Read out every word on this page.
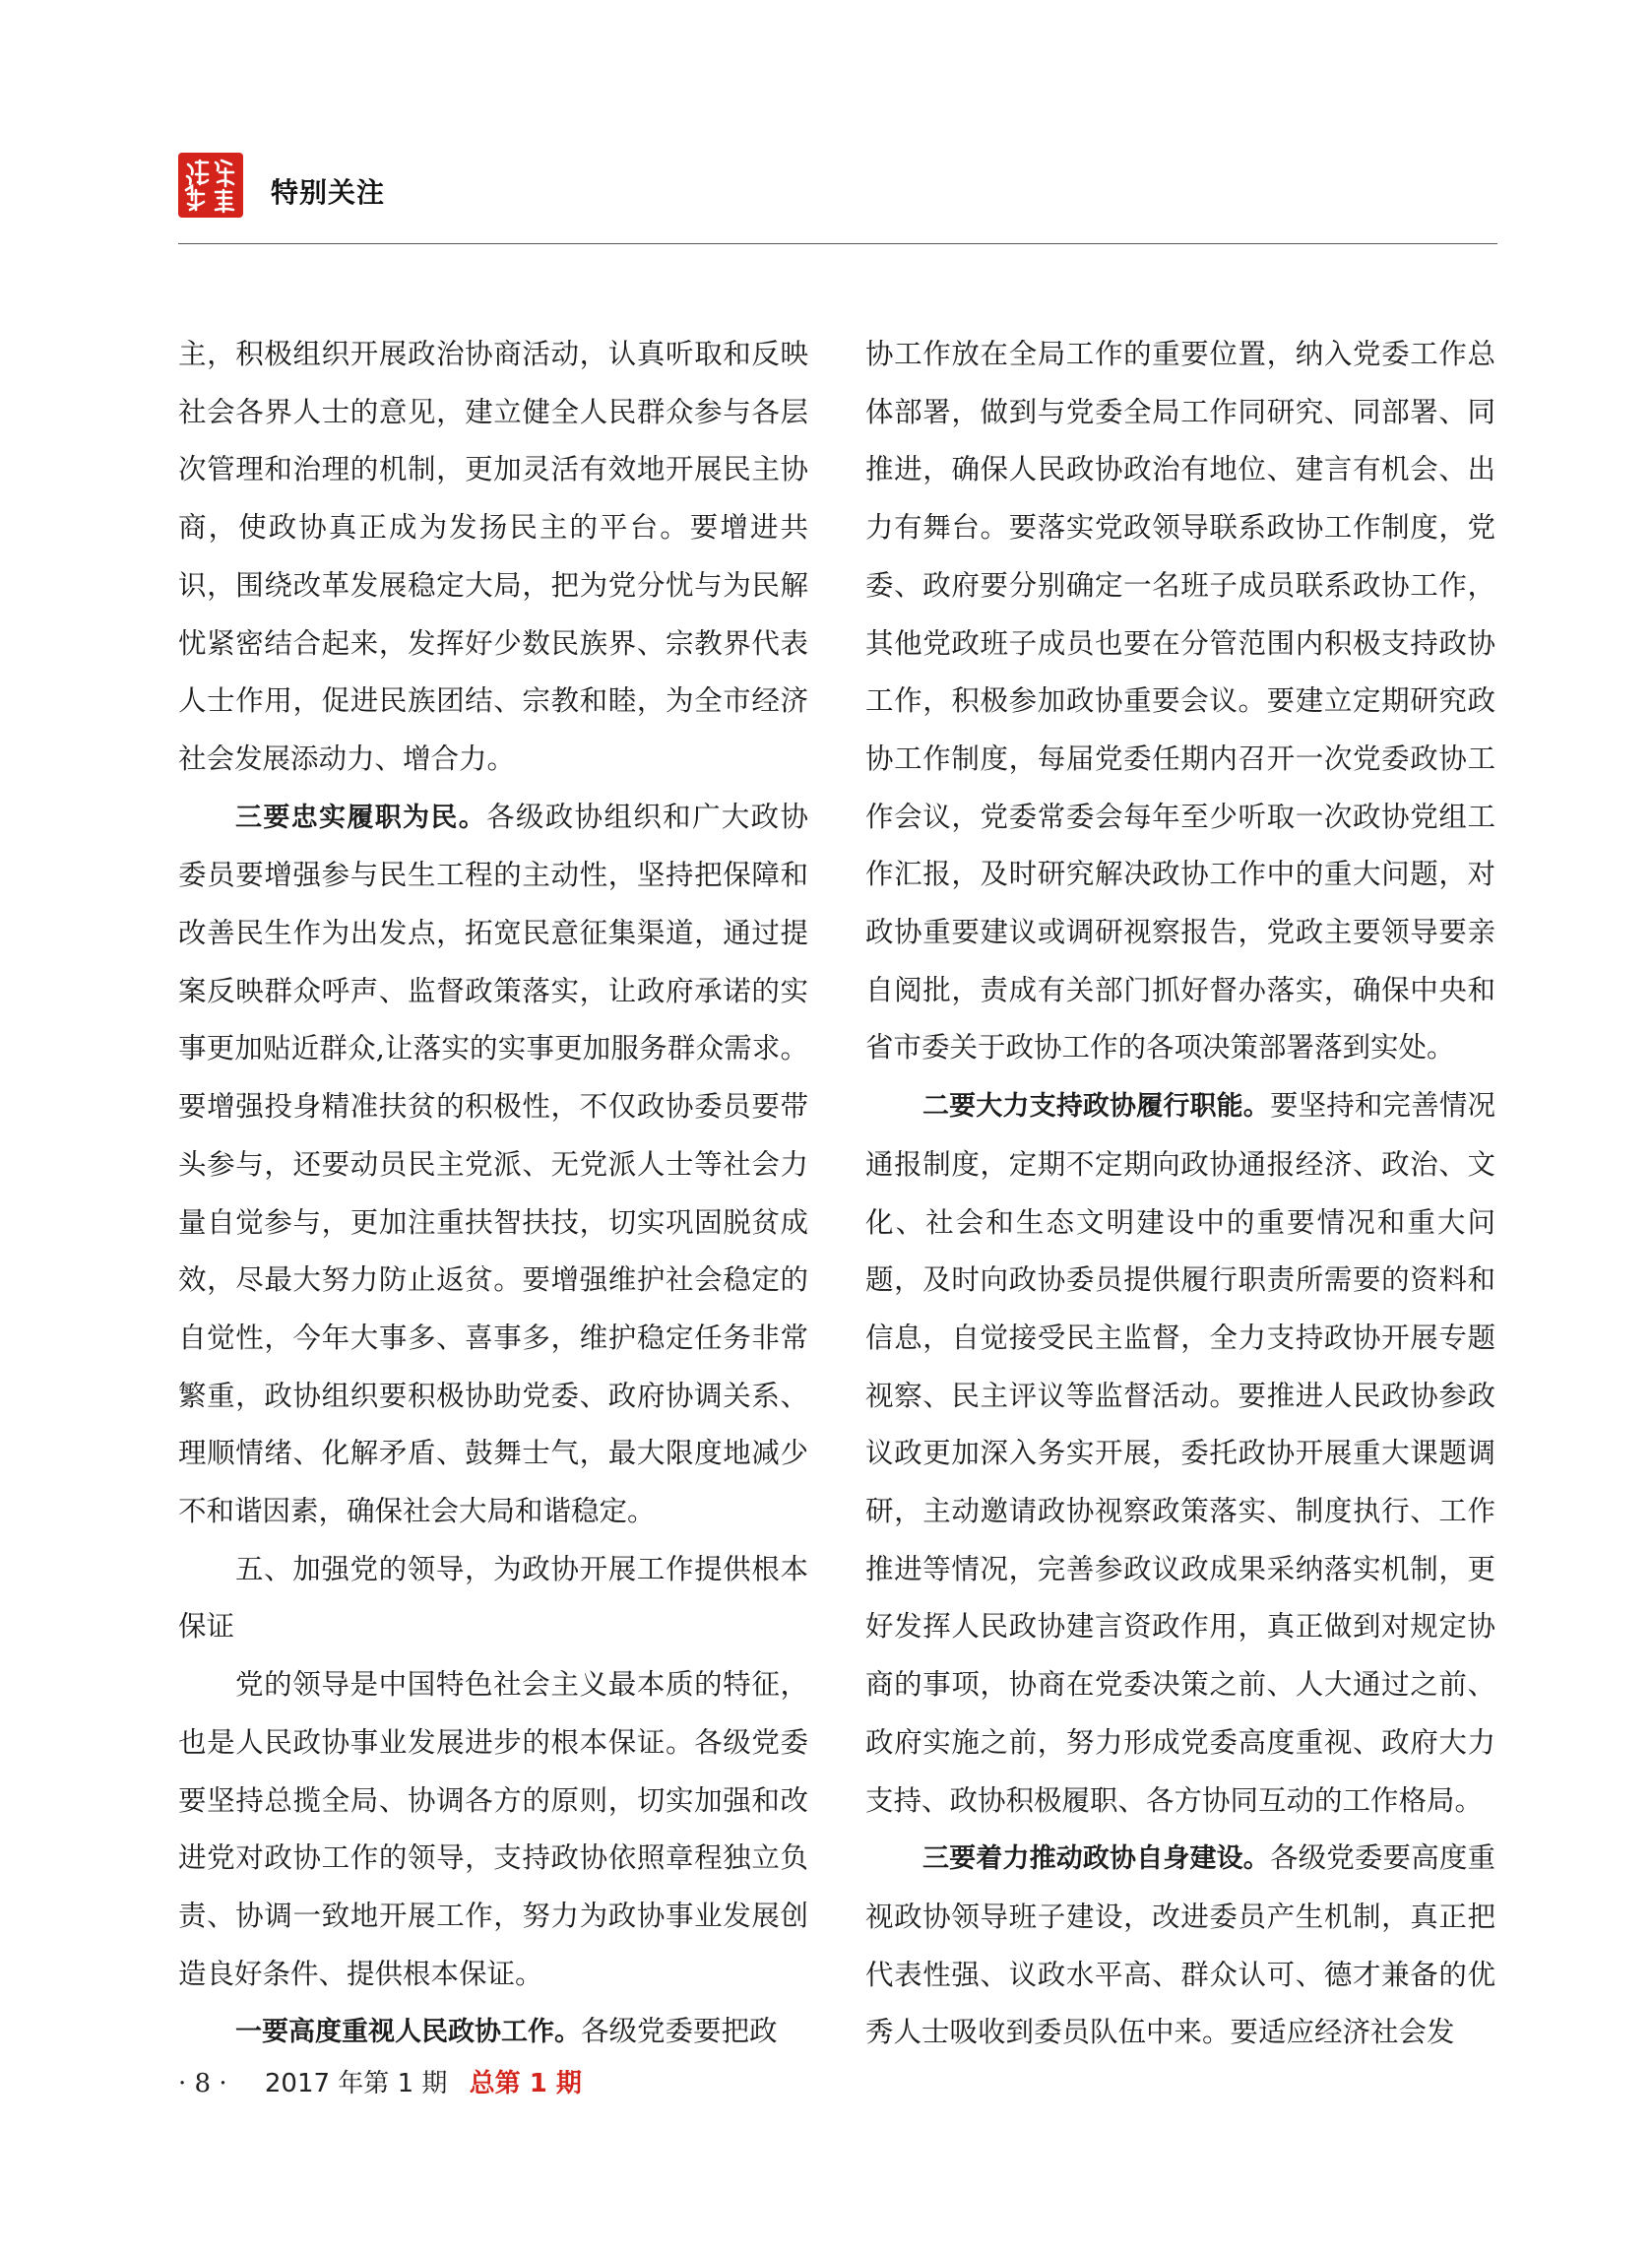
特别关注

主，积极组织开展政治协商活动，认真听取和反映社会各界人士的意见，建立健全人民群众参与各层次管理和治理的机制，更加灵活有效地开展民主协商，使政协真正成为发扬民主的平台。要增进共识，围绕改革发展稳定大局，把为党分忧与为民解忧紧密结合起来，发挥好少数民族界、宗教界代表人士作用，促进民族团结、宗教和睦，为全市经济社会发展添动力、增合力。

三要忠实履职为民。各级政协组织和广大政协委员要增强参与民生工程的主动性，坚持把保障和改善民生作为出发点，拓宽民意征集渠道，通过提案反映群众呼声、监督政策落实，让政府承诺的实事更加贴近群众,让落实的实事更加服务群众需求。要增强投身精准扶贫的积极性，不仅政协委员要带头参与，还要动员民主党派、无党派人士等社会力量自觉参与，更加注重扶智扶技，切实巩固脱贫成效，尽最大努力防止返贫。要增强维护社会稳定的自觉性，今年大事多、喜事多，维护稳定任务非常繁重，政协组织要积极协助党委、政府协调关系、理顺情绪、化解矛盾、鼓舞士气，最大限度地减少不和谐因素，确保社会大局和谐稳定。

五、加强党的领导，为政协开展工作提供根本保证

党的领导是中国特色社会主义最本质的特征，也是人民政协事业发展进步的根本保证。各级党委要坚持总揽全局、协调各方的原则，切实加强和改进党对政协工作的领导，支持政协依照章程独立负责、协调一致地开展工作，努力为政协事业发展创造良好条件、提供根本保证。

一要高度重视人民政协工作。各级党委要把政

协工作放在全局工作的重要位置，纳入党委工作总体部署，做到与党委全局工作同研究、同部署、同推进，确保人民政协政治有地位、建言有机会、出力有舞台。要落实党政领导联系政协工作制度，党委、政府要分别确定一名班子成员联系政协工作，其他党政班子成员也要在分管范围内积极支持政协工作，积极参加政协重要会议。要建立定期研究政协工作制度，每届党委任期内召开一次党委政协工作会议，党委常委会每年至少听取一次政协党组工作汇报，及时研究解决政协工作中的重大问题，对政协重要建议或调研视察报告，党政主要领导要亲自阅批，责成有关部门抓好督办落实，确保中央和省市委关于政协工作的各项决策部署落到实处。

二要大力支持政协履行职能。要坚持和完善情况通报制度，定期不定期向政协通报经济、政治、文化、社会和生态文明建设中的重要情况和重大问题，及时向政协委员提供履行职责所需要的资料和信息，自觉接受民主监督，全力支持政协开展专题视察、民主评议等监督活动。要推进人民政协参政议政更加深入务实开展，委托政协开展重大课题调研，主动邀请政协视察政策落实、制度执行、工作推进等情况，完善参政议政成果采纳落实机制，更好发挥人民政协建言资政作用，真正做到对规定协商的事项，协商在党委决策之前、人大通过之前、政府实施之前，努力形成党委高度重视、政府大力支持、政协积极履职、各方协同互动的工作格局。

三要着力推动政协自身建设。各级党委要高度重视政协领导班子建设，改进委员产生机制，真正把代表性强、议政水平高、群众认可、德才兼备的优秀人士吸收到委员队伍中来。要适应经济社会发

· 8 · 2017 年第 1 期 总第 1 期
